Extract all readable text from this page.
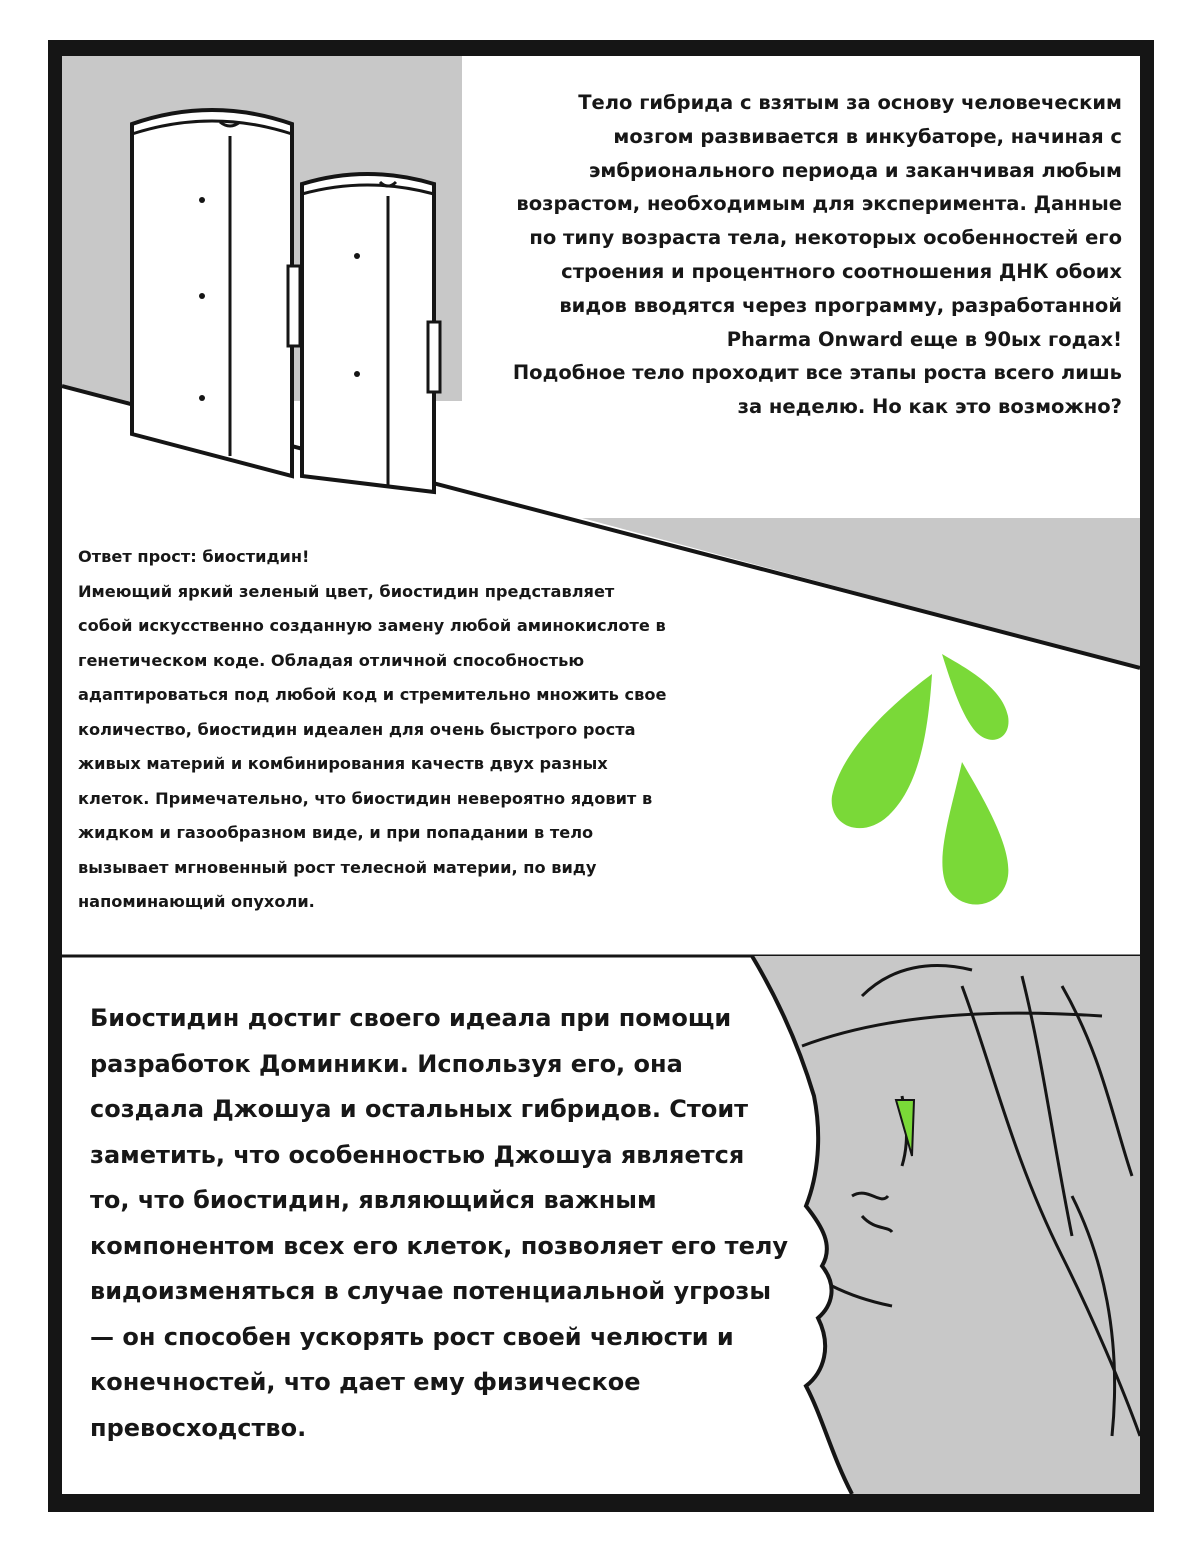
Тело гибрида с взятым за основу человеческим
мозгом развивается в инкубаторе, начиная с
эмбрионального периода и заканчивая любым
возрастом, необходимым для эксперимента. Данные
по типу возраста тела, некоторых особенностей его
строения и процентного соотношения ДНК обоих
видов вводятся через программу, разработанной
Pharma Onward еще в 90ых годах!
Подобное тело проходит все этапы роста всего лишь
за неделю. Но как это возможно?
Ответ прост: биостидин!
Имеющий яркий зеленый цвет, биостидин представляет
собой искусственно созданную замену любой аминокислоте в
генетическом коде. Обладая отличной способностью
адаптироваться под любой код и стремительно множить свое
количество, биостидин идеален для очень быстрого роста
живых материй и комбинирования качеств двух разных
клеток. Примечательно, что биостидин невероятно ядовит в
жидком и газообразном виде, и при попадании в тело
вызывает мгновенный рост телесной материи, по виду
напоминающий опухоли.
Биостидин достиг своего идеала при помощи
разработок Доминики. Используя его, она
создала Джошуа и остальных гибридов. Стоит
заметить, что особенностью Джошуа является
то, что биостидин, являющийся важным
компонентом всех его клеток, позволяет его телу
видоизменяться в случае потенциальной угрозы
— он способен ускорять рост своей челюсти и
конечностей, что дает ему физическое
превосходство.
